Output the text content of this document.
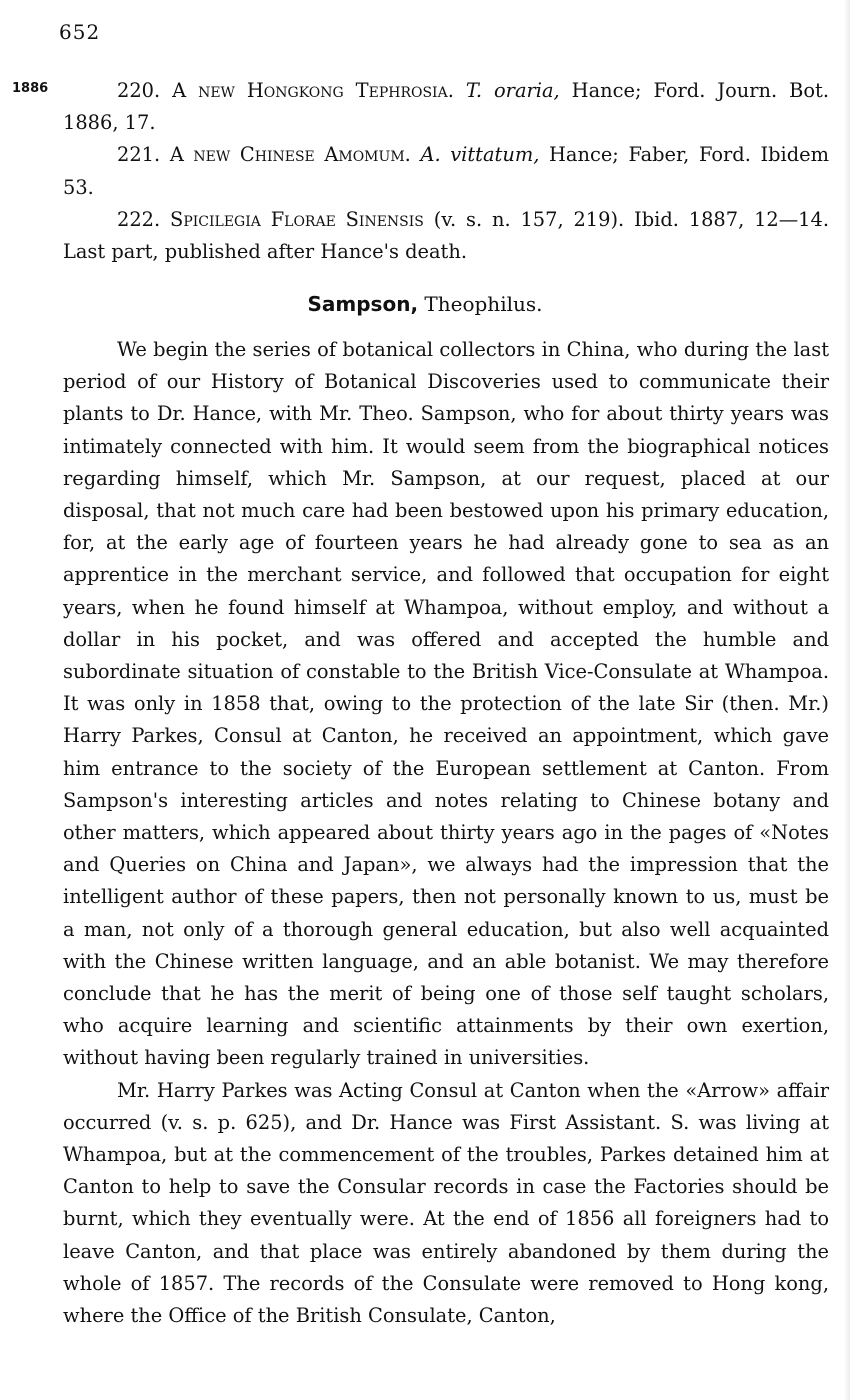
652
1886	220. A new Hongkong Tephrosia. T. oraria, Hance; Ford. Journ. Bot. 1886, 17.

221. A new Chinese Amomum. A. vittatum, Hance; Faber, Ford. Ibidem 53.

222. Spicilegia Florae Sinensis (v. s. n. 157, 219). Ibid. 1887, 12—14. Last part, published after Hance's death.

Sampson, Theophilus.

We begin the series of botanical collectors in China, who during the last period of our History of Botanical Discoveries used to communicate their plants to Dr. Hance, with Mr. Theo. Sampson, who for about thirty years was intimately connected with him. It would seem from the biographical notices regarding himself, which Mr. Sampson, at our request, placed at our disposal, that not much care had been bestowed upon his primary education, for, at the early age of fourteen years he had already gone to sea as an apprentice in the merchant service, and followed that occupation for eight years, when he found himself at Whampoa, without employ, and without a dollar in his pocket, and was offered and accepted the humble and subordinate situation of constable to the British Vice-Consulate at Whampoa. It was only in 1858 that, owing to the protection of the late Sir (then. Mr.) Harry Parkes, Consul at Canton, he received an appointment, which gave him entrance to the society of the European settlement at Canton. From Sampson's interesting articles and notes relating to Chinese botany and other matters, which appeared about thirty years ago in the pages of «Notes and Queries on China and Japan», we always had the impression that the intelligent author of these papers, then not personally known to us, must be a man, not only of a thorough general education, but also well acquainted with the Chinese written language, and an able botanist. We may therefore conclude that he has the merit of being one of those self taught scholars, who acquire learning and scientific attainments by their own exertion, without having been regularly trained in universities.

Mr. Harry Parkes was Acting Consul at Canton when the «Arrow» affair occurred (v. s. p. 625), and Dr. Hance was First Assistant. S. was living at Whampoa, but at the commencement of the troubles, Parkes detained him at Canton to help to save the Consular records in case the Factories should be burnt, which they eventually were. At the end of 1856 all foreigners had to leave Canton, and that place was entirely abandoned by them during the whole of 1857. The records of the Consulate were removed to Hong kong, where the Office of the British Consulate, Canton,
